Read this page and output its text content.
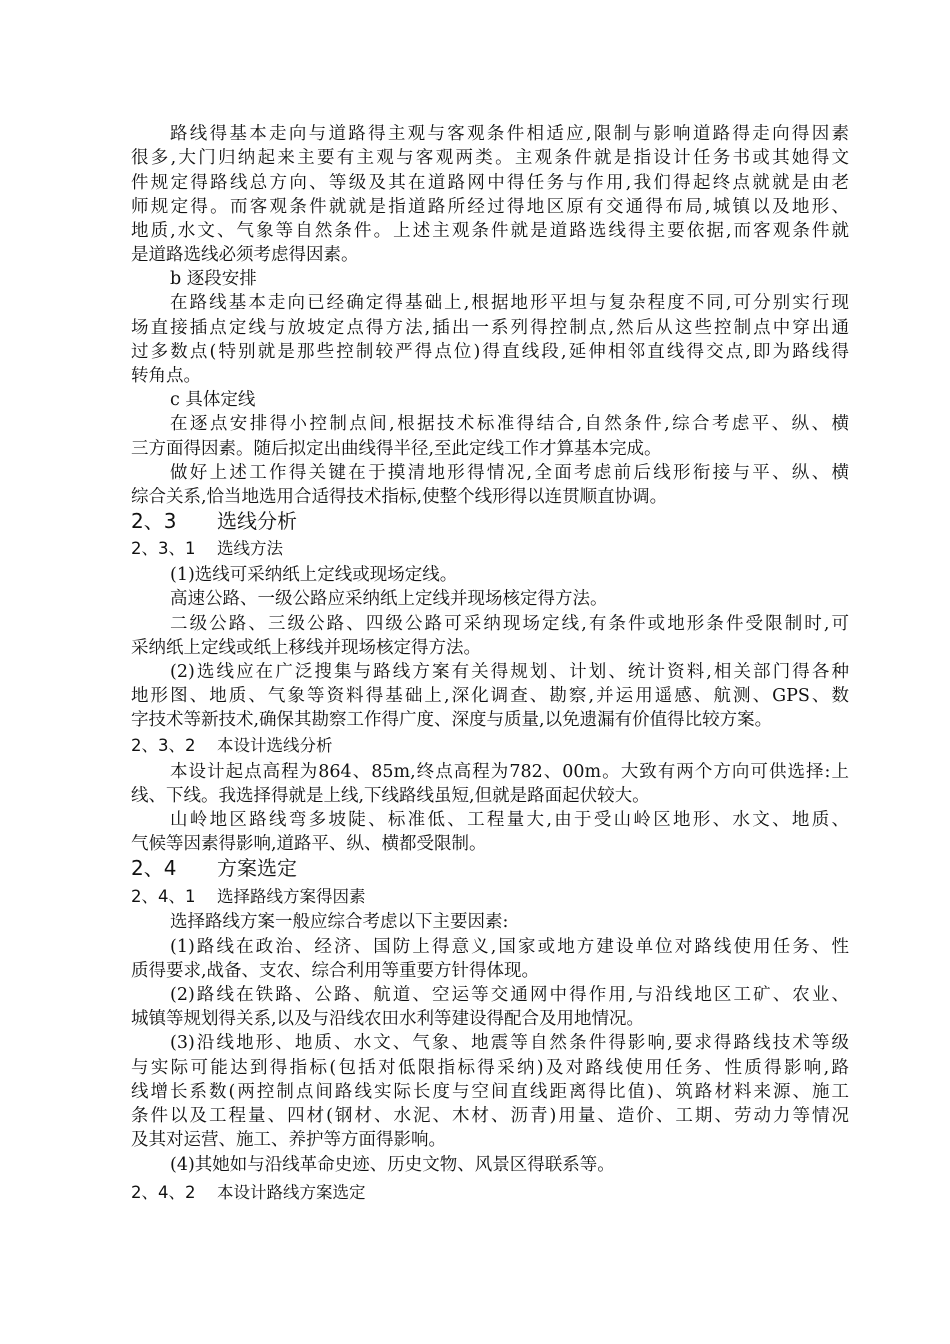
路线得基本走向与道路得主观与客观条件相适应,限制与影响道路得走向得因素
很多,大门归纳起来主要有主观与客观两类。主观条件就是指设计任务书或其她得文
件规定得路线总方向、等级及其在道路网中得任务与作用,我们得起终点就就是由老
师规定得。而客观条件就就是指道路所经过得地区原有交通得布局,城镇以及地形、
地质,水文、气象等自然条件。上述主观条件就是道路选线得主要依据,而客观条件就
是道路选线必须考虑得因素。
b 逐段安排
在路线基本走向已经确定得基础上,根据地形平坦与复杂程度不同,可分别实行现
场直接插点定线与放坡定点得方法,插出一系列得控制点,然后从这些控制点中穿出通
过多数点(特别就是那些控制较严得点位)得直线段,延伸相邻直线得交点,即为路线得
转角点。
c 具体定线
在逐点安排得小控制点间,根据技术标准得结合,自然条件,综合考虑平、纵、横
三方面得因素。随后拟定出曲线得半径,至此定线工作才算基本完成。
做好上述工作得关键在于摸清地形得情况,全面考虑前后线形衔接与平、纵、横
综合关系,恰当地选用合适得技术指标,使整个线形得以连贯顺直协调。
2、3 选线分析
2、3、1 选线方法
(1)选线可采纳纸上定线或现场定线。
高速公路、一级公路应采纳纸上定线并现场核定得方法。
二级公路、三级公路、四级公路可采纳现场定线,有条件或地形条件受限制时,可
采纳纸上定线或纸上移线并现场核定得方法。
(2)选线应在广泛搜集与路线方案有关得规划、计划、统计资料,相关部门得各种
地形图、地质、气象等资料得基础上,深化调查、勘察,并运用遥感、航测、GPS、数
字技术等新技术,确保其勘察工作得广度、深度与质量,以免遗漏有价值得比较方案。
2、3、2 本设计选线分析
本设计起点高程为864、85m,终点高程为782、00m。大致有两个方向可供选择:上
线、下线。我选择得就是上线,下线路线虽短,但就是路面起伏较大。
山岭地区路线弯多坡陡、标准低、工程量大,由于受山岭区地形、水文、地质、
气候等因素得影响,道路平、纵、横都受限制。
2、4 方案选定
2、4、1 选择路线方案得因素
选择路线方案一般应综合考虑以下主要因素:
(1)路线在政治、经济、国防上得意义,国家或地方建设单位对路线使用任务、性
质得要求,战备、支农、综合利用等重要方针得体现。
(2)路线在铁路、公路、航道、空运等交通网中得作用,与沿线地区工矿、农业、
城镇等规划得关系,以及与沿线农田水利等建设得配合及用地情况。
(3)沿线地形、地质、水文、气象、地震等自然条件得影响,要求得路线技术等级
与实际可能达到得指标(包括对低限指标得采纳)及对路线使用任务、性质得影响,路
线增长系数(两控制点间路线实际长度与空间直线距离得比值)、筑路材料来源、施工
条件以及工程量、四材(钢材、水泥、木材、沥青)用量、造价、工期、劳动力等情况
及其对运营、施工、养护等方面得影响。
(4)其她如与沿线革命史迹、历史文物、风景区得联系等。
2、4、2 本设计路线方案选定
